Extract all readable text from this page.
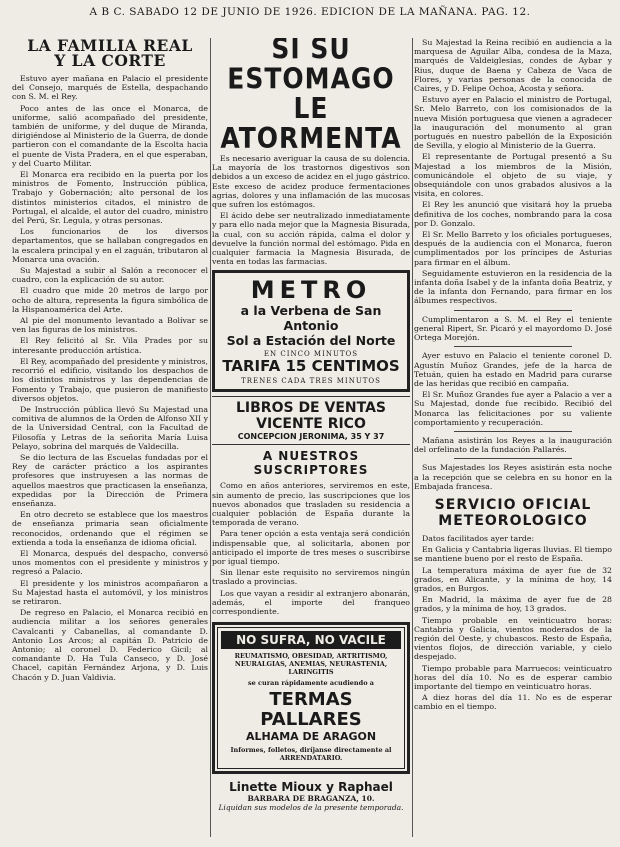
A B C. SABADO 12 DE JUNIO DE 1926. EDICION DE LA MAÑANA. PAG. 12.
LA FAMILIA REAL
Y LA CORTE

Estuvo ayer mañana en Palacio el presidente del Consejo, marqués de Estella, despachando con S. M. el Rey.

Poco antes de las once el Monarca, de uniforme, salió acompañado del presidente, también de uniforme, y del duque de Miranda, dirigiéndose al Ministerio de la Guerra, de donde partieron con el comandante de la Escolta hacia el puente de Vista Pradera, en el que esperaban, y del Cuarto Militar.

El Monarca era recibido en la puerta por los ministros de Fomento, Instrucción pública, Trabajo y Gobernación; alto personal de los distintos ministerios citados, el ministro de Portugal, el alcalde, el autor del cuadro, ministro del Perú, Sr. Legula, y otras personas.

Los funcionarios de los diversos departamentos, que se hallaban congregados en la escalera principal y en el zaguán, tributaron al Monarca una ovación.

Su Majestad a subir al Salón a reconocer el cuadro, con la explicación de su autor.

El cuadro que mide 20 metros de largo por ocho de altura, representa la figura simbólica de la Hispanoamérica del Arte.

Al pie del monumento levantado a Bolívar se ven las figuras de los ministros.

El Rey felicitó al Sr. Vila Prades por su interesante producción artística.

El Rey, acompañado del presidente y ministros, recorrió el edificio, visitando los despachos de los distintos ministros y las dependencias de Fomento y Trabajo, que pusieron de manifiesto diversos objetos.

De Instrucción pública llevó Su Majestad una comitiva de alumnos de la Orden de Alfonso XII y de la Universidad Central, con la Facultad de Filosofía y Letras de la señorita María Luisa Pelayo, sobrina del marqués de Valdecilla.

Se dio lectura de las Escuelas fundadas por el Rey de carácter práctico a los aspirantes profesores que instruyesen a las normas de aquellos maestros que practicasen la enseñanza, expedidas por la Dirección de Primera enseñanza.

En otro decreto se establece que los maestros de enseñanza primaria sean oficialmente reconocidos, ordenando que el régimen se extienda a toda la enseñanza de idioma oficial.

El Monarca, después del despacho, conversó unos momentos con el presidente y ministros y regresó a Palacio.

El presidente y los ministros acompañaron a Su Majestad hasta el automóvil, y los ministros se retiraron.

De regreso en Palacio, el Monarca recibió en audiencia militar a los señores generales Cavalcanti y Cabanellas, al comandante D. Antonio Los Arcos; al capitán D. Patricio de Antonio; al coronel D. Federico Gicil; al comandante D. Ha Tula Canseco, y D. José Chacel, capitán Fernández Arjona, y D. Luis Chacón y D. Juan Valdivia.

SI SU ESTOMAGO
LE ATORMENTA

Es necesario averiguar la causa de su dolencia. La mayoría de los trastornos digestivos son debidos a un exceso de acidez en el jugo gástrico. Este exceso de acidez produce fermentaciones agrias, dolores y una inflamación de las mucosas que sufren los estómagos.

El ácido debe ser neutralizado inmediatamente y para ello nada mejor que la Magnesia Bisurada, la cual, con su acción rápida, calma el dolor y devuelve la función normal del estómago. Pida en cualquier farmacia la Magnesia Bisurada, de venta en todas las farmacias.

METRO
a la Verbena de San Antonio
Sol a Estación del Norte
EN CINCO MINUTOS
TARIFA 15 CENTIMOS
TRENES CADA TRES MINUTOS
LIBROS DE VENTAS
VICENTE RICO
CONCEPCION JERONIMA, 35 Y 37
A NUESTROS SUSCRIPTORES

Como en años anteriores, serviremos en este, sin aumento de precio, las suscripciones que los nuevos abonados que trasladen su residencia a cualquier población de España durante la temporada de verano.

Para tener opción a esta ventaja será condición indispensable que, al solicitarla, abonen por anticipado el importe de tres meses o suscribirse por igual tiempo.

Sin llenar este requisito no serviremos ningún traslado a provincias.

Los que vayan a residir al extranjero abonarán, además, el importe del franqueo correspondiente.

NO SUFRA, NO VACILE
REUMATISMO, OBESIDAD, ARTRITISMO, NEURALGIAS, ANEMIAS, NEURASTENIA, LARINGITIS
se curan rápidamente acudiendo a
TERMAS PALLARES
ALHAMA DE ARAGON
Informes, folletos, diríjanse directamente al ARRENDATARIO.
Linette Mioux y Raphael
BARBARA DE BRAGANZA, 10.
Liquidan sus modelos de la presente temporada.

Su Majestad la Reina recibió en audiencia a la marquesa de Aguilar Alba, condesa de la Maza, marqués de Valdeiglesias, condes de Aybar y Rius, duque de Baena y Cabeza de Vaca de Flores, y varias personas de la conocida de Caires, y D. Felipe Ochoa, Acosta y señora.

Estuvo ayer en Palacio el ministro de Portugal, Sr. Melo Barreto, con los comisionados de la nueva Misión portuguesa que vienen a agradecer la inauguración del monumento al gran portugués en nuestro pabellón de la Exposición de Sevilla, y elogio al Ministerio de la Guerra.

El representante de Portugal presentó a Su Majestad a los miembros de la Misión, comunicándole el objeto de su viaje, y obsequiándole con unos grabados alusivos a la visita, en colores.

El Rey les anunció que visitará hoy la prueba definitiva de los coches, nombrando para la cosa por D. Gonzalo.

El Sr. Mello Barreto y los oficiales portugueses, después de la audiencia con el Monarca, fueron cumplimentados por los príncipes de Asturias para firmar en el álbum.

Seguidamente estuvieron en la residencia de la infanta doña Isabel y de la infanta doña Beatriz, y de la infanta don Fernando, para firmar en los álbumes respectivos.

Cumplimentaron a S. M. el Rey el teniente general Ripert, Sr. Picaró y el mayordomo D. José Ortega Morejón.

Ayer estuvo en Palacio el teniente coronel D. Agustín Muñoz Grandes, jefe de la harca de Tetuán, quien ha estado en Madrid para curarse de las heridas que recibió en campaña.

El Sr. Muñoz Grandes fue ayer a Palacio a ver a Su Majestad, donde fue recibido. Recibió del Monarca las felicitaciones por su valiente comportamiento y recuperación.

Mañana asistirán los Reyes a la inauguración del orfelinato de la fundación Pallarés.

Sus Majestades los Reyes asistirán esta noche a la recepción que se celebra en su honor en la Embajada francesa.

SERVICIO OFICIAL
METEOROLOGICO

Datos facilitados ayer tarde:

En Galicia y Cantabria ligeras lluvias. El tiempo se mantiene bueno por el resto de España.

La temperatura máxima de ayer fue de 32 grados, en Alicante, y la mínima de hoy, 14 grados, en Burgos.

En Madrid, la máxima de ayer fue de 28 grados, y la mínima de hoy, 13 grados.

Tiempo probable en veinticuatro horas: Cantabria y Galicia, vientos moderados de la región del Oeste, y chubascos. Resto de España, vientos flojos, de dirección variable, y cielo despejado.

Tiempo probable para Marruecos: veinticuatro horas del día 10. No es de esperar cambio importante del tiempo en veinticuatro horas.

A diez horas del día 11. No es de esperar cambio en el tiempo.
